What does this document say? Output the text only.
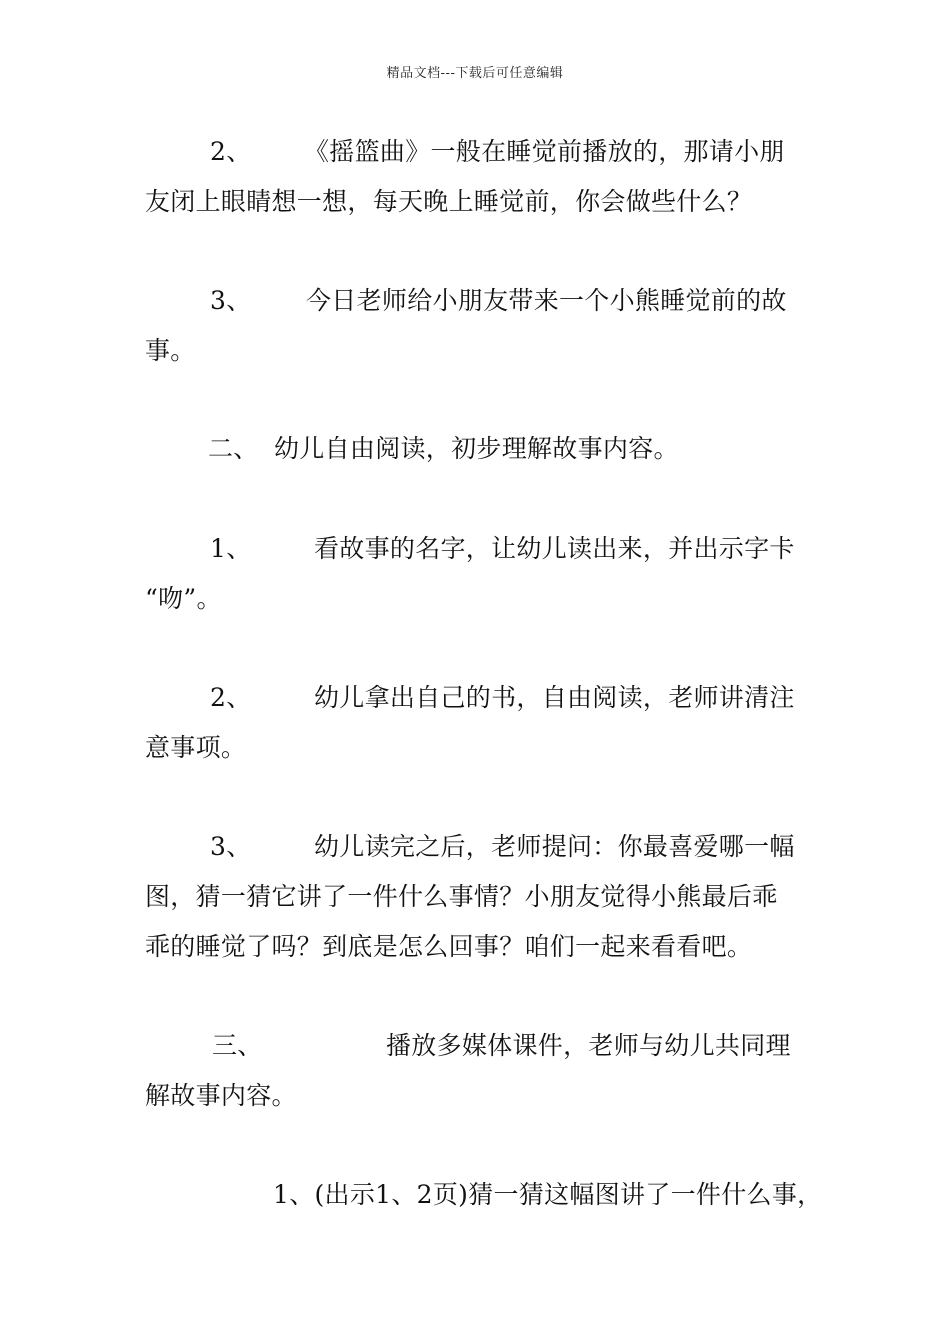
精品文档---下载后可任意编辑
2、 《摇篮曲》一般在睡觉前播放的，那请小朋
友闭上眼睛想一想，每天晚上睡觉前，你会做些什么？
3、 今日老师给小朋友带来一个小熊睡觉前的故
事。
二、 幼儿自由阅读，初步理解故事内容。
1、 看故事的名字，让幼儿读出来，并出示字卡
“吻”。
2、 幼儿拿出自己的书，自由阅读，老师讲清注
意事项。
3、 幼儿读完之后，老师提问：你最喜爱哪一幅
图，猜一猜它讲了一件什么事情？小朋友觉得小熊最后乖
乖的睡觉了吗？到底是怎么回事？咱们一起来看看吧。
三、	播放多媒体课件，老师与幼儿共同理
解故事内容。
1、(出示1、2页)猜一猜这幅图讲了一件什么事，
